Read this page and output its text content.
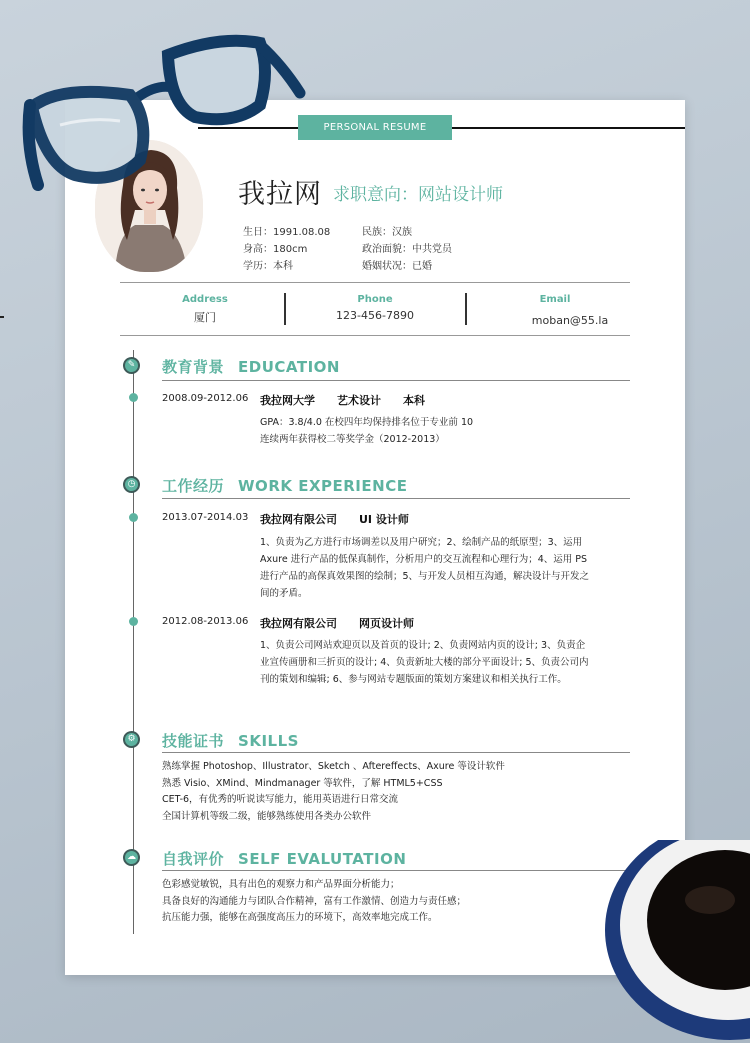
PERSONAL RESUME
我拉网 求职意向：网站设计师
生日：1991.08.08	民族：汉族
身高：180cm	政治面貌：中共党员
学历：本科	婚姻状况：已婚
Address
厦门
Phone
123-456-7890
Email
moban@55.la
✎	教育背景 EDUCATION
2008.09-2012.06 我拉网大学 艺术设计 本科
GPA：3.8/4.0 在校四年均保持排名位于专业前 10
连续两年获得校二等奖学金（2012-2013）
◷	工作经历 WORK EXPERIENCE
2013.07-2014.03 我拉网有限公司 UI 设计师
1、负责为乙方进行市场调差以及用户研究；2、绘制产品的纸原型；3、运用 Axure 进行产品的低保真制作，分析用户的交互流程和心理行为；4、运用 PS 进行产品的高保真效果图的绘制；5、与开发人员相互沟通，解决设计与开发之间的矛盾。
2012.08-2013.06 我拉网有限公司 网页设计师
1、负责公司网站欢迎页以及首页的设计; 2、负责网站内页的设计; 3、负责企业宣传画册和三折页的设计; 4、负责新址大楼的部分平面设计; 5、负责公司内刊的策划和编辑; 6、参与网站专题版面的策划方案建议和相关执行工作。
⚙ 技能证书 SKILLS
熟练掌握 Photoshop、Illustrator、Sketch 、Aftereffects、Axure 等设计软件
熟悉 Visio、XMind、Mindmanager 等软件，了解 HTML5+CSS
CET-6，有优秀的听说读写能力，能用英语进行日常交流
全国计算机等级二级，能够熟练使用各类办公软件
☁ 自我评价 SELF EVALUTATION
色彩感觉敏锐，具有出色的观察力和产品界面分析能力；
具备良好的沟通能力与团队合作精神，富有工作激情、创造力与责任感；
抗压能力强，能够在高强度高压力的环境下，高效率地完成工作。
